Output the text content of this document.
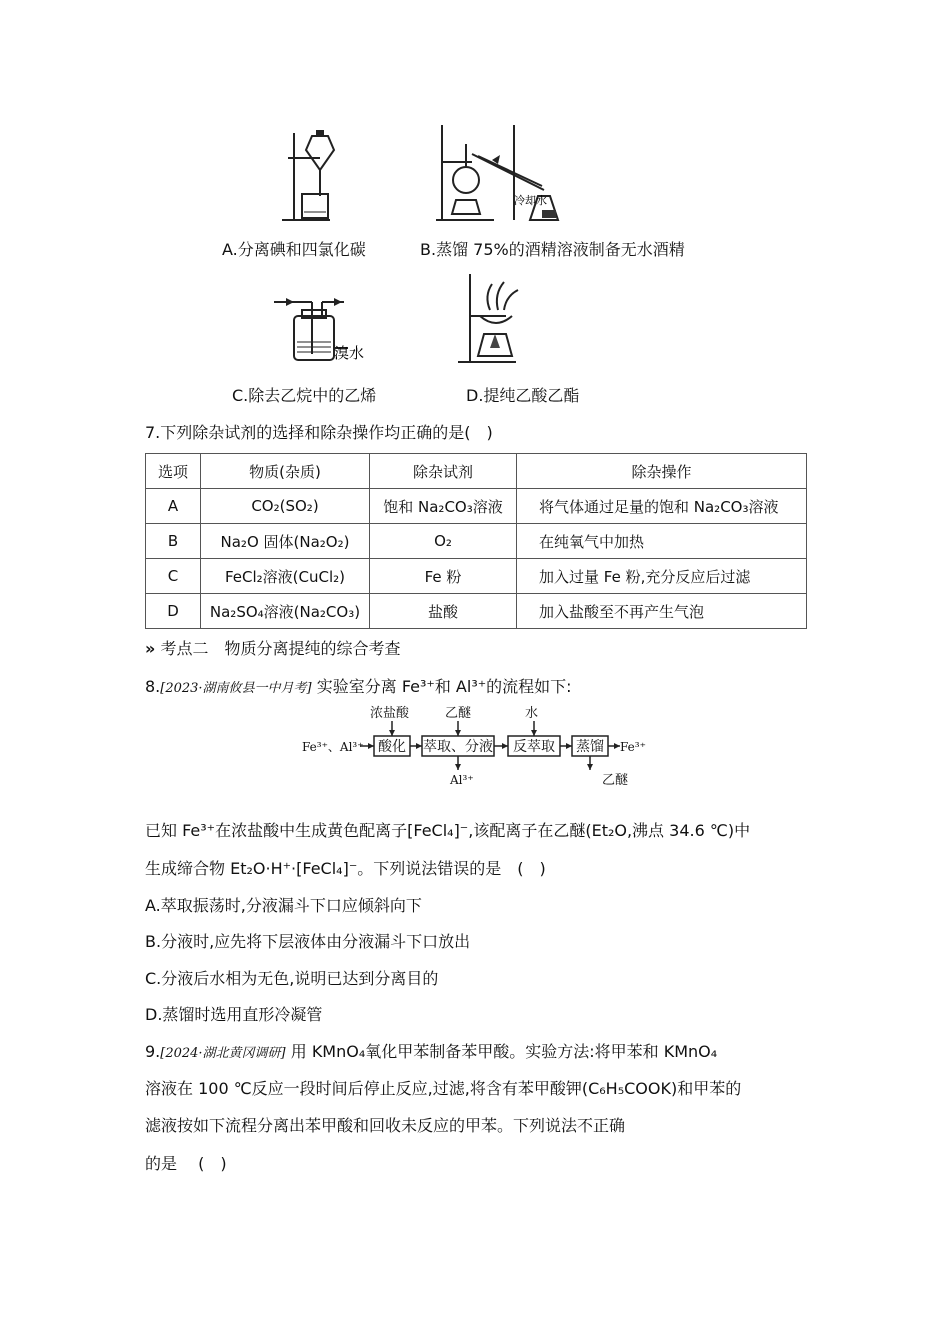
A.分离碘和四氯化碳
冷却水
B.蒸馏 75%的酒精溶液制备无水酒精
溴水
C.除去乙烷中的乙烯	D.提纯乙酸乙酯
7.下列除杂试剂的选择和除杂操作均正确的是(　)
选项	物质(杂质)	除杂试剂	除杂操作
A	CO₂(SO₂)	饱和 Na₂CO₃溶液	将气体通过足量的饱和 Na₂CO₃溶液
B	Na₂O 固体(Na₂O₂)	O₂	在纯氧气中加热
C	FeCl₂溶液(CuCl₂)	Fe 粉	加入过量 Fe 粉,充分反应后过滤
D	Na₂SO₄溶液(Na₂CO₃)	盐酸	加入盐酸至不再产生气泡
» 考点二　物质分离提纯的综合考查
8.[2023·湖南攸县一中月考] 实验室分离 Fe³⁺和 Al³⁺的流程如下:
浓盐酸	乙醚	水
Fe³⁺、Al³⁺	Fe³⁺
Al³⁺	乙醚
酸化 萃取、分液 反萃取 蒸馏
已知 Fe³⁺在浓盐酸中生成黄色配离子[FeCl₄]⁻,该配离子在乙醚(Et₂O,沸点 34.6 ℃)中
生成缔合物 Et₂O·H⁺·[FeCl₄]⁻。下列说法错误的是　(　)
A.萃取振荡时,分液漏斗下口应倾斜向下
B.分液时,应先将下层液体由分液漏斗下口放出
C.分液后水相为无色,说明已达到分离目的
D.蒸馏时选用直形冷凝管
9.[2024·湖北黄冈调研] 用 KMnO₄氧化甲苯制备苯甲酸。实验方法:将甲苯和 KMnO₄
溶液在 100 ℃反应一段时间后停止反应,过滤,将含有苯甲酸钾(C₆H₅COOK)和甲苯的
滤液按如下流程分离出苯甲酸和回收未反应的甲苯。下列说法不正确
的是　 (　)
